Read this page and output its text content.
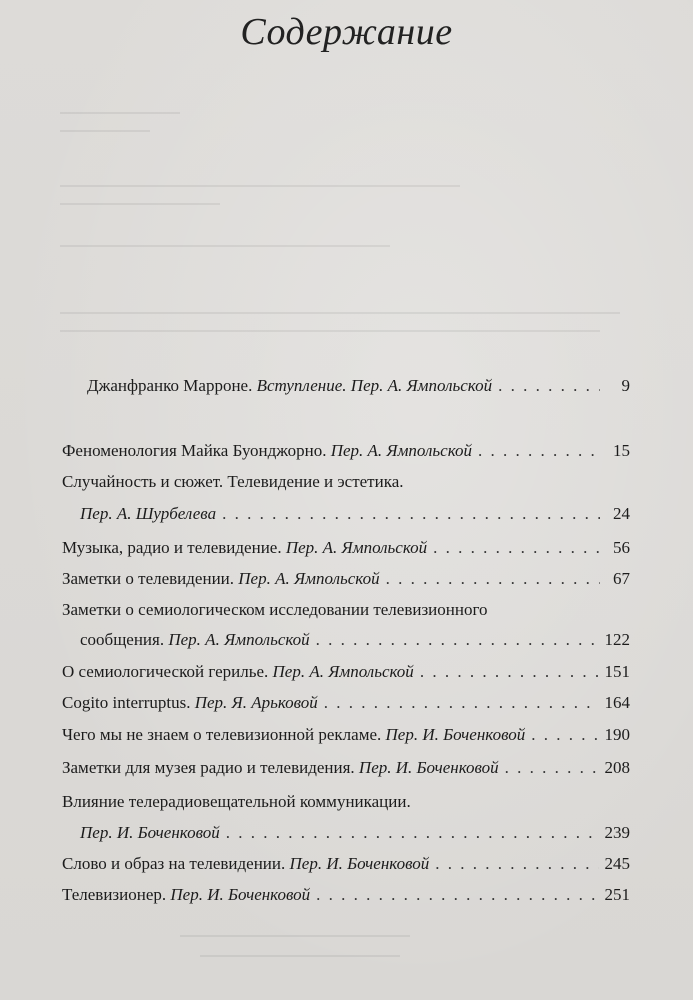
Содержание
Джанфранко Марроне. Вступление. Пер. А. Ямпольской . . .	9
Феноменология Майка Буонджорно. Пер. А. Ямпольской . . .	15
Случайность и сюжет. Телевидение и эстетика.
Пер. А. Шурбелева . . .	24
Музыка, радио и телевидение. Пер. А. Ямпольской . . .	56
Заметки о телевидении. Пер. А. Ямпольской . . .	67
Заметки о семиологическом исследовании телевизионного
сообщения. Пер. А. Ямпольской . . .	122
О семиологической герилье. Пер. А. Ямпольской . . .	151
Cogito interruptus. Пер. Я. Арьковой . . .	164
Чего мы не знаем о телевизионной рекламе. Пер. И. Боченковой . . .	190
Заметки для музея радио и телевидения. Пер. И. Боченковой . . .	208
Влияние телерадиовещательной коммуникации.
Пер. И. Боченковой . . .	239
Слово и образ на телевидении. Пер. И. Боченковой . . .	245
Телевизионер. Пер. И. Боченковой . . .	251
